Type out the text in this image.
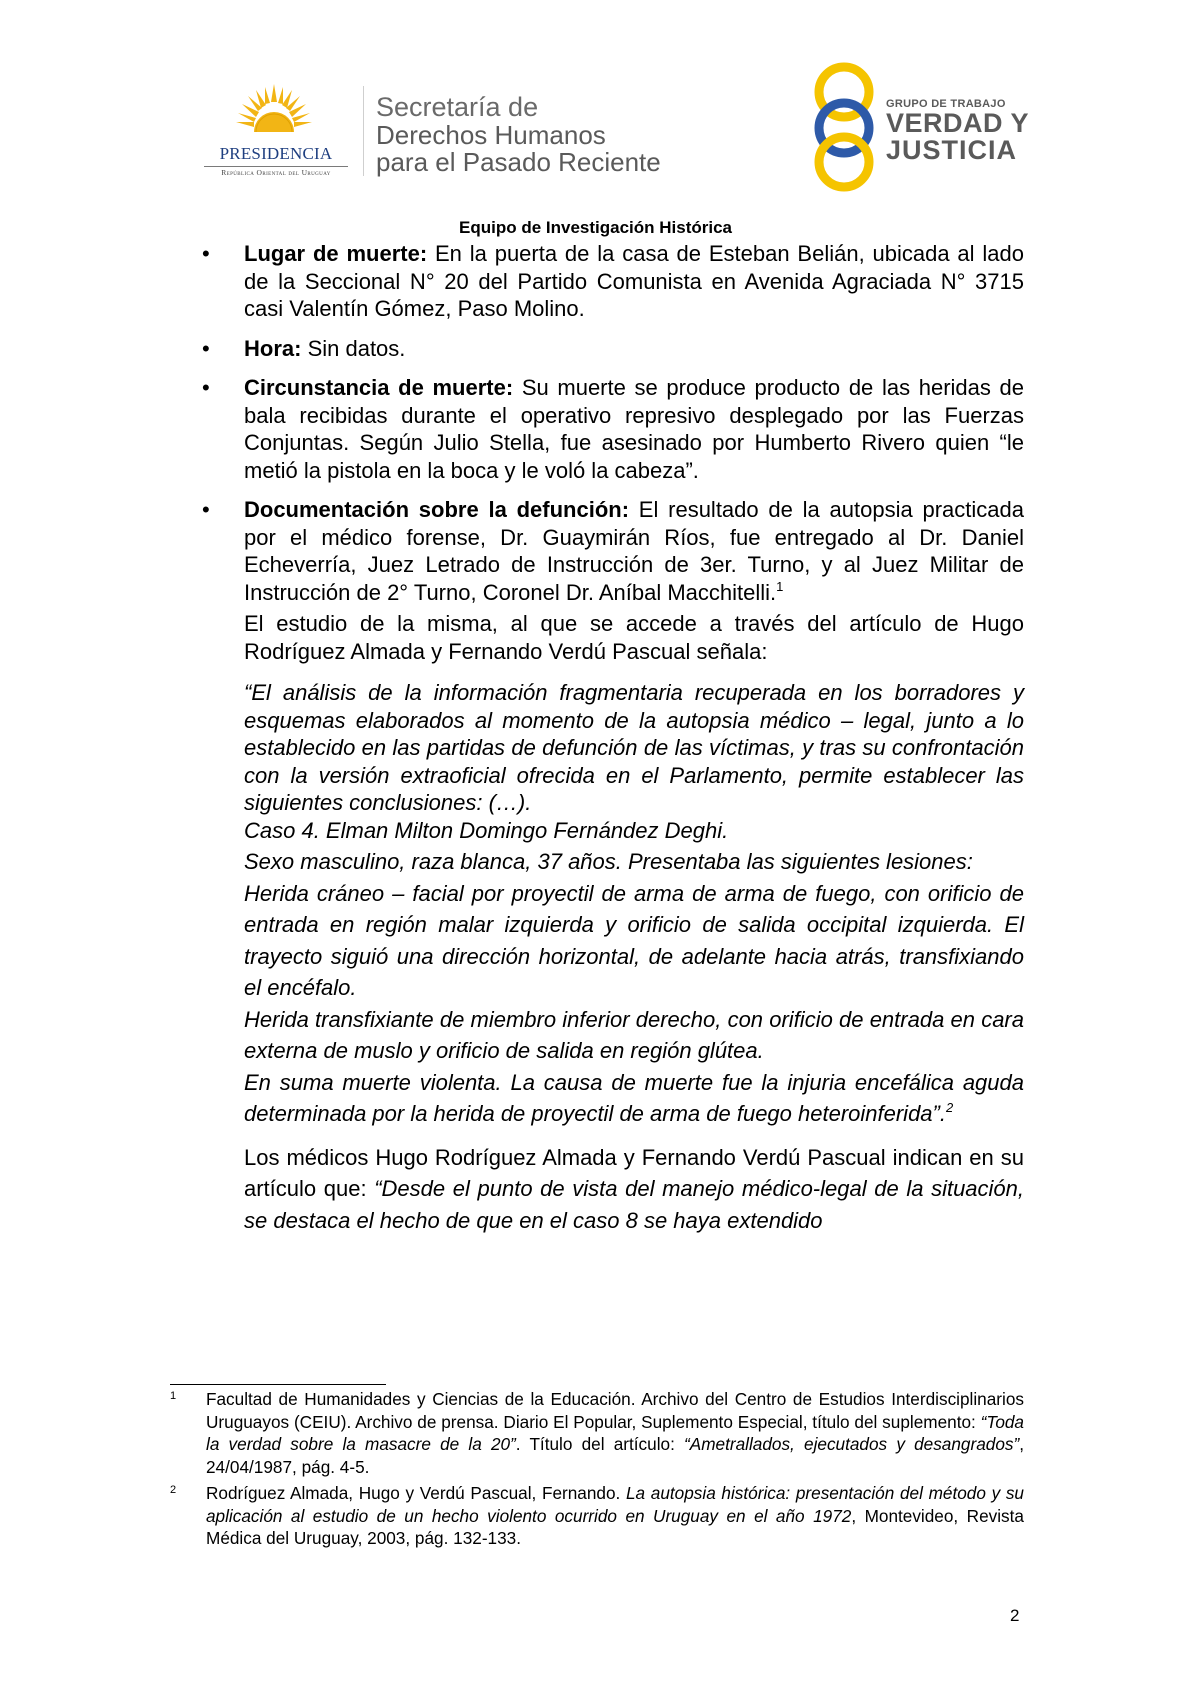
PRESIDENCIA
República Oriental del Uruguay
Secretaría de
Derechos Humanos
para el Pasado Reciente
GRUPO DE TRABAJO
VERDAD Y
JUSTICIA
Equipo de Investigación Histórica
• Lugar de muerte: En la puerta de la casa de Esteban Belián, ubicada al lado de la Seccional N° 20 del Partido Comunista en Avenida Agraciada N° 3715 casi Valentín Gómez, Paso Molino.

• Hora: Sin datos.

• Circunstancia de muerte: Su muerte se produce producto de las heridas de bala recibidas durante el operativo represivo desplegado por las Fuerzas Conjuntas. Según Julio Stella, fue asesinado por Humberto Rivero quien “le metió la pistola en la boca y le voló la cabeza”.

• Documentación sobre la defunción: El resultado de la autopsia practicada por el médico forense, Dr. Guaymirán Ríos, fue entregado al Dr. Daniel Echeverría, Juez Letrado de Instrucción de 3er. Turno, y al Juez Militar de Instrucción de 2° Turno, Coronel Dr. Aníbal Macchitelli.$^1$

El estudio de la misma, al que se accede a través del artículo de Hugo Rodríguez Almada y Fernando Verdú Pascual señala:

“El análisis de la información fragmentaria recuperada en los borradores y esquemas elaborados al momento de la autopsia médico – legal, junto a lo establecido en las partidas de defunción de las víctimas, y tras su confrontación con la versión extraoficial ofrecida en el Parlamento, permite establecer las siguientes conclusiones: (…).

Caso 4. Elman Milton Domingo Fernández Deghi.

Sexo masculino, raza blanca, 37 años. Presentaba las siguientes lesiones:

Herida cráneo – facial por proyectil de arma de arma de fuego, con orificio de entrada en región malar izquierda y orificio de salida occipital izquierda. El trayecto siguió una dirección horizontal, de adelante hacia atrás, transfixiando el encéfalo.

Herida transfixiante de miembro inferior derecho, con orificio de entrada en cara externa de muslo y orificio de salida en región glútea.

En suma muerte violenta. La causa de muerte fue la injuria encefálica aguda determinada por la herida de proyectil de arma de fuego heteroinferida”.$^2$

Los médicos Hugo Rodríguez Almada y Fernando Verdú Pascual indican en su artículo que: “Desde el punto de vista del manejo médico-legal de la situación, se destaca el hecho de que en el caso 8 se haya extendido

1 Facultad de Humanidades y Ciencias de la Educación. Archivo del Centro de Estudios Interdisciplinarios Uruguayos (CEIU). Archivo de prensa. Diario El Popular, Suplemento Especial, título del suplemento: “Toda la verdad sobre la masacre de la 20”. Título del artículo: “Ametrallados, ejecutados y desangrados”, 24/04/1987, pág. 4-5.

2 Rodríguez Almada, Hugo y Verdú Pascual, Fernando. La autopsia histórica: presentación del método y su aplicación al estudio de un hecho violento ocurrido en Uruguay en el año 1972, Montevideo, Revista Médica del Uruguay, 2003, pág. 132-133.

2
